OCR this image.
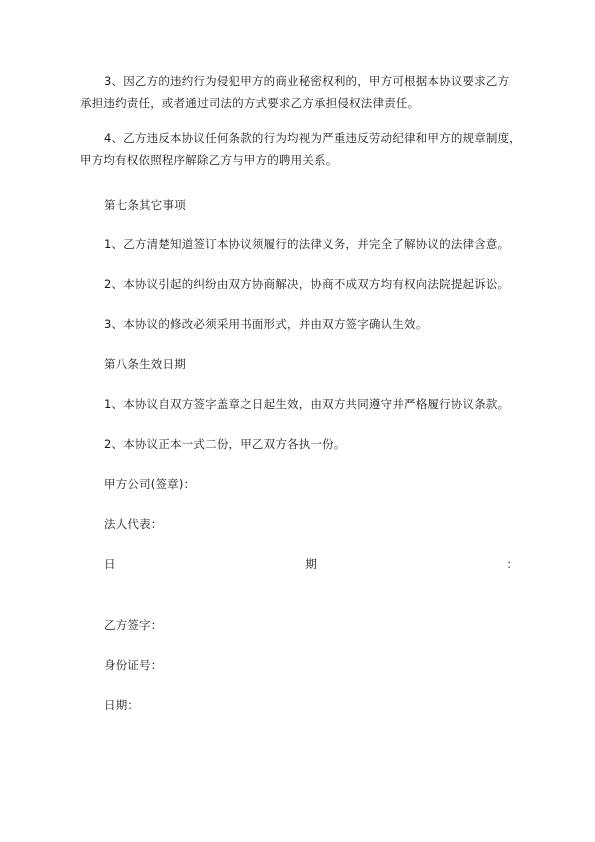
3、因乙方的违约行为侵犯甲方的商业秘密权利的，甲方可根据本协议要求乙方
承担违约责任，或者通过司法的方式要求乙方承担侵权法律责任。
4、乙方违反本协议任何条款的行为均视为严重违反劳动纪律和甲方的规章制度，
甲方均有权依照程序解除乙方与甲方的聘用关系。
第七条其它事项
1、乙方清楚知道签订本协议须履行的法律义务，并完全了解协议的法律含意。
2、本协议引起的纠纷由双方协商解决，协商不成双方均有权向法院提起诉讼。
3、本协议的修改必须采用书面形式，并由双方签字确认生效。
第八条生效日期
1、本协议自双方签字盖章之日起生效，由双方共同遵守并严格履行协议条款。
2、本协议正本一式二份，甲乙双方各执一份。
甲方公司(签章)：
法人代表：
日	期	：
乙方签字：
身份证号：
日期：
